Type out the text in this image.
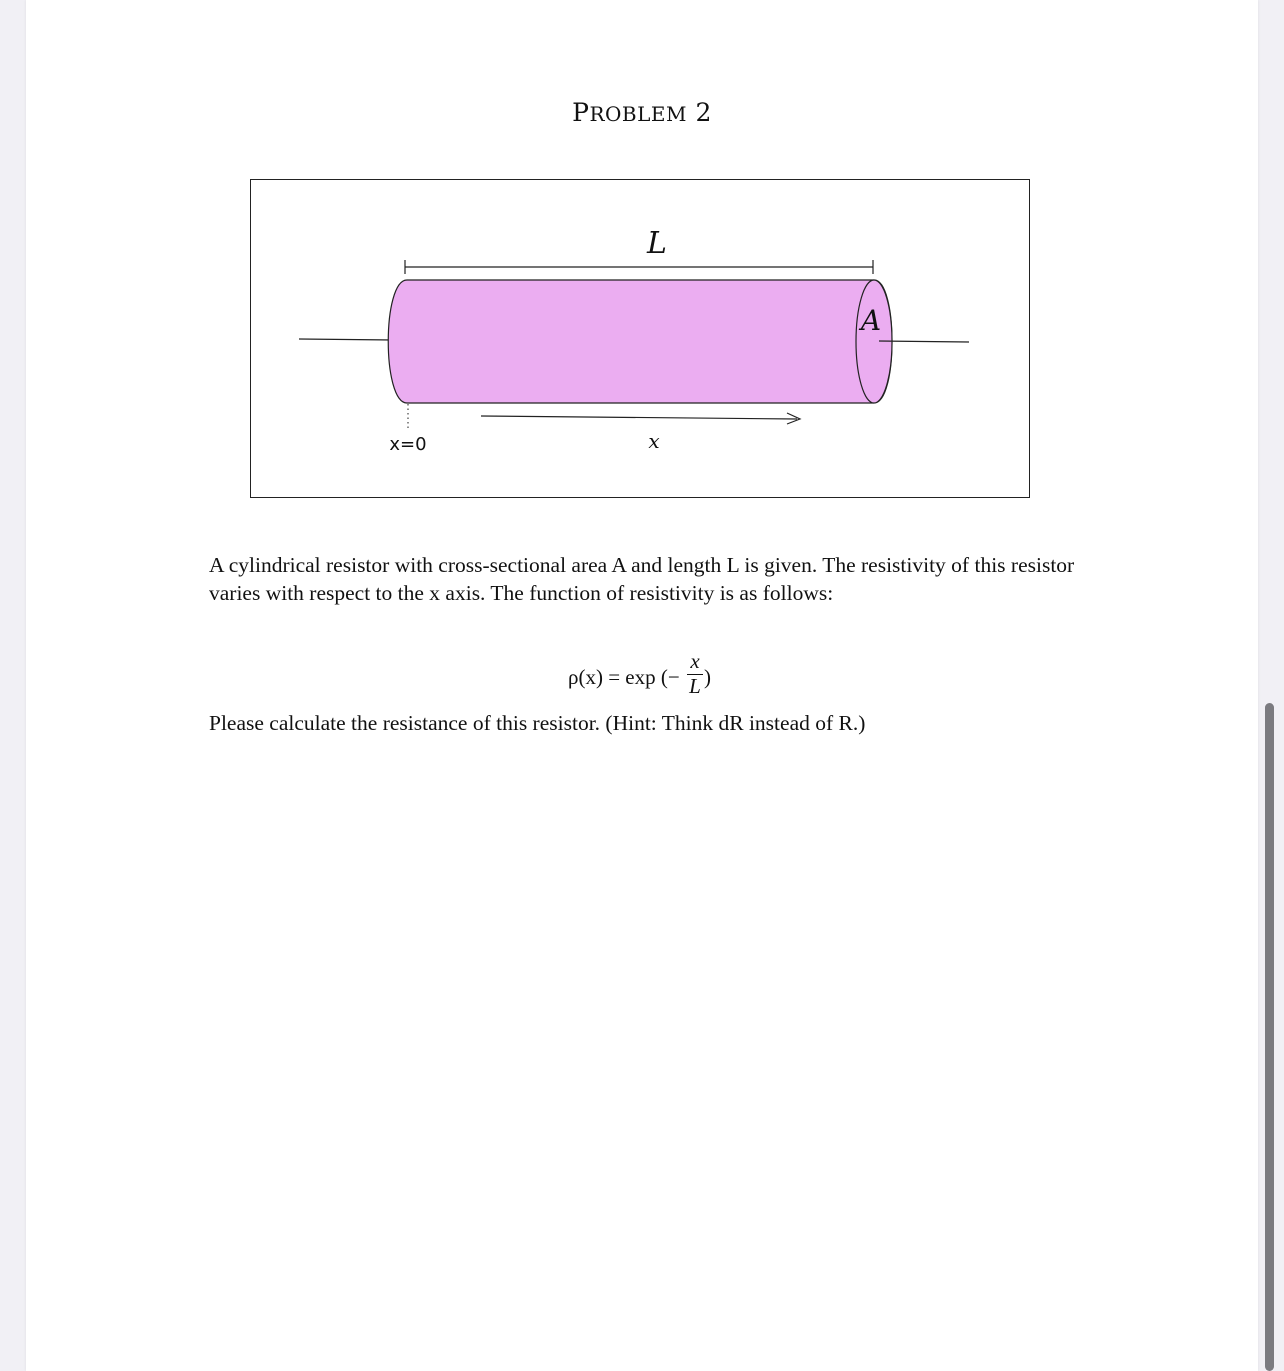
PROBLEM 2
L
A
x=0	x

A cylindrical resistor with cross-sectional area A and length L is given. The resistivity of this resistor varies with respect to the x axis. The function of resistivity is as follows:

ρ(x) = exp (−
x
L )

Please calculate the resistance of this resistor. (Hint: Think dR instead of R.)
